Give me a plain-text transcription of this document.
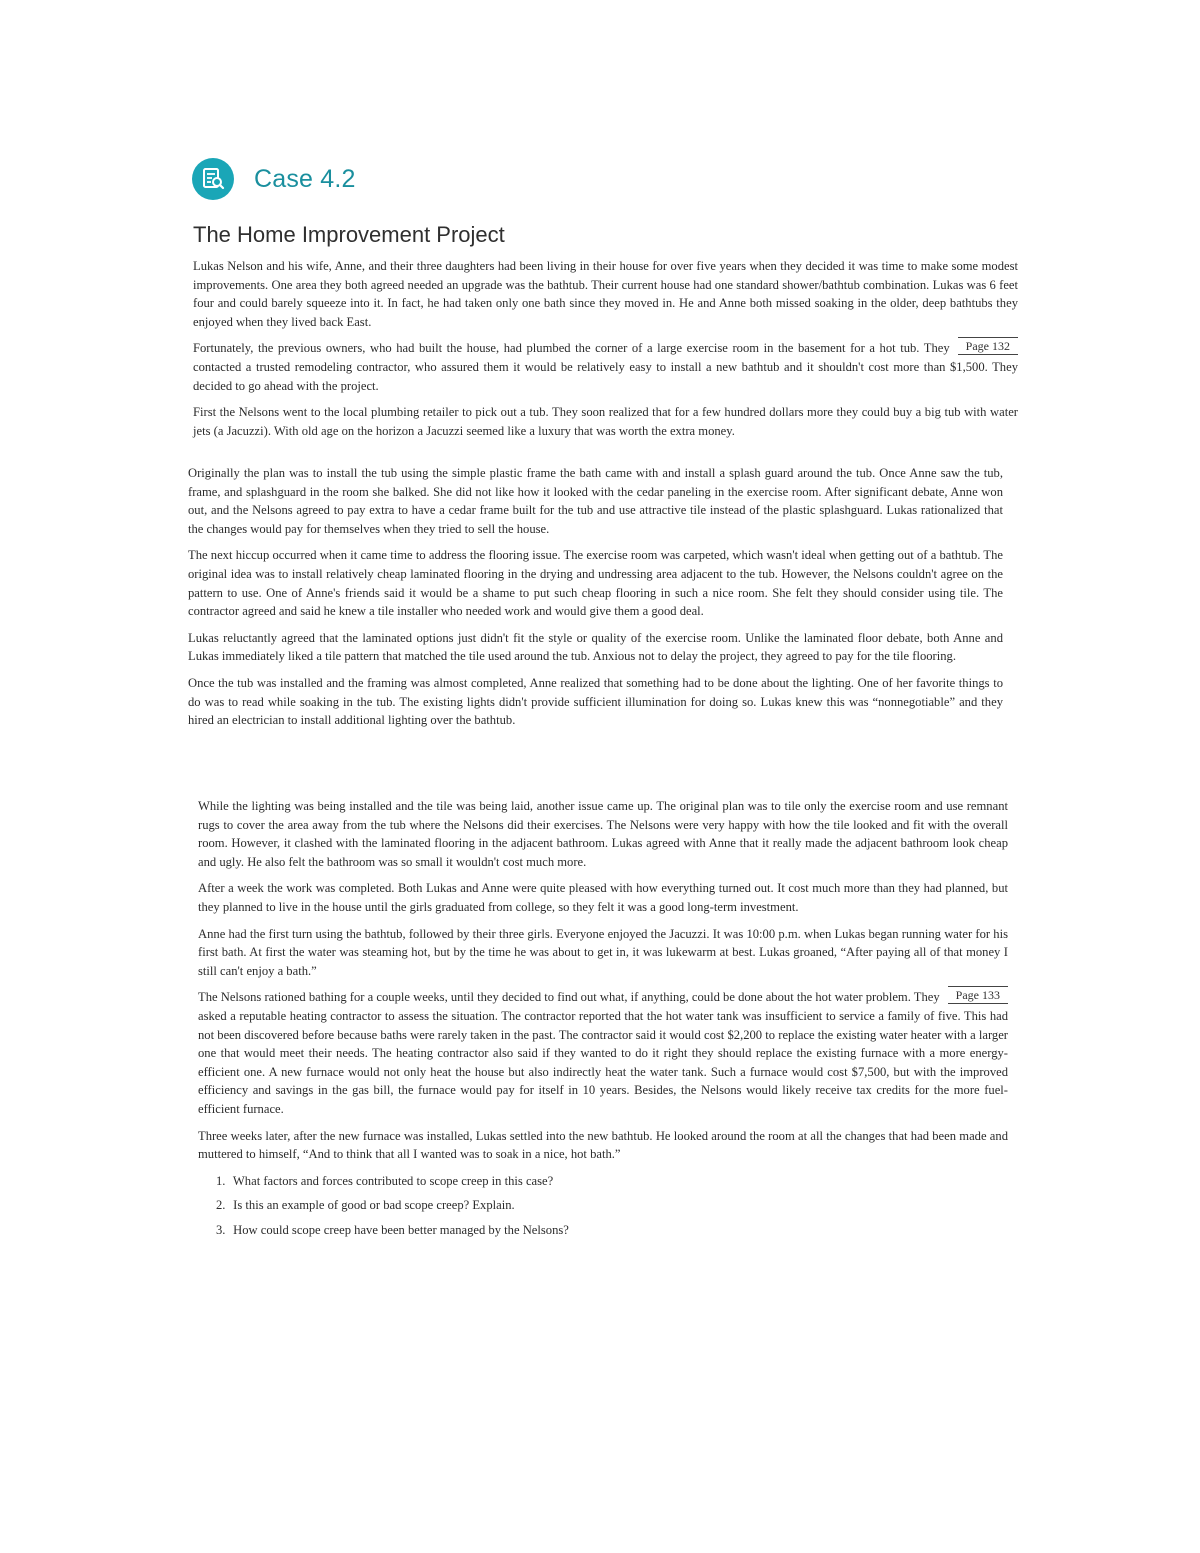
Case 4.2
The Home Improvement Project

Lukas Nelson and his wife, Anne, and their three daughters had been living in their house for over five years when they decided it was time to make some modest improvements. One area they both agreed needed an upgrade was the bathtub. Their current house had one standard shower/bathtub combination. Lukas was 6 feet four and could barely squeeze into it. In fact, he had taken only one bath since they moved in. He and Anne both missed soaking in the older, deep bathtubs they enjoyed when they lived back East.

Page 132
Fortunately, the previous owners, who had built the house, had plumbed the corner of a large exercise room in the basement for a hot tub. They contacted a trusted remodeling contractor, who assured them it would be relatively easy to install a new bathtub and it shouldn't cost more than $1,500. They decided to go ahead with the project.

First the Nelsons went to the local plumbing retailer to pick out a tub. They soon realized that for a few hundred dollars more they could buy a big tub with water jets (a Jacuzzi). With old age on the horizon a Jacuzzi seemed like a luxury that was worth the extra money.

Originally the plan was to install the tub using the simple plastic frame the bath came with and install a splash guard around the tub. Once Anne saw the tub, frame, and splashguard in the room she balked. She did not like how it looked with the cedar paneling in the exercise room. After significant debate, Anne won out, and the Nelsons agreed to pay extra to have a cedar frame built for the tub and use attractive tile instead of the plastic splashguard. Lukas rationalized that the changes would pay for themselves when they tried to sell the house.

The next hiccup occurred when it came time to address the flooring issue. The exercise room was carpeted, which wasn't ideal when getting out of a bathtub. The original idea was to install relatively cheap laminated flooring in the drying and undressing area adjacent to the tub. However, the Nelsons couldn't agree on the pattern to use. One of Anne's friends said it would be a shame to put such cheap flooring in such a nice room. She felt they should consider using tile. The contractor agreed and said he knew a tile installer who needed work and would give them a good deal.

Lukas reluctantly agreed that the laminated options just didn't fit the style or quality of the exercise room. Unlike the laminated floor debate, both Anne and Lukas immediately liked a tile pattern that matched the tile used around the tub. Anxious not to delay the project, they agreed to pay for the tile flooring.

Once the tub was installed and the framing was almost completed, Anne realized that something had to be done about the lighting. One of her favorite things to do was to read while soaking in the tub. The existing lights didn't provide sufficient illumination for doing so. Lukas knew this was “nonnegotiable” and they hired an electrician to install additional lighting over the bathtub.

While the lighting was being installed and the tile was being laid, another issue came up. The original plan was to tile only the exercise room and use remnant rugs to cover the area away from the tub where the Nelsons did their exercises. The Nelsons were very happy with how the tile looked and fit with the overall room. However, it clashed with the laminated flooring in the adjacent bathroom. Lukas agreed with Anne that it really made the adjacent bathroom look cheap and ugly. He also felt the bathroom was so small it wouldn't cost much more.

After a week the work was completed. Both Lukas and Anne were quite pleased with how everything turned out. It cost much more than they had planned, but they planned to live in the house until the girls graduated from college, so they felt it was a good long-term investment.

Anne had the first turn using the bathtub, followed by their three girls. Everyone enjoyed the Jacuzzi. It was 10:00 p.m. when Lukas began running water for his first bath. At first the water was steaming hot, but by the time he was about to get in, it was lukewarm at best. Lukas groaned, “After paying all of that money I still can't enjoy a bath.”

Page 133
The Nelsons rationed bathing for a couple weeks, until they decided to find out what, if anything, could be done about the hot water problem. They asked a reputable heating contractor to assess the situation. The contractor reported that the hot water tank was insufficient to service a family of five. This had not been discovered before because baths were rarely taken in the past. The contractor said it would cost $2,200 to replace the existing water heater with a larger one that would meet their needs. The heating contractor also said if they wanted to do it right they should replace the existing furnace with a more energy-efficient one. A new furnace would not only heat the house but also indirectly heat the water tank. Such a furnace would cost $7,500, but with the improved efficiency and savings in the gas bill, the furnace would pay for itself in 10 years. Besides, the Nelsons would likely receive tax credits for the more fuel-efficient furnace.

Three weeks later, after the new furnace was installed, Lukas settled into the new bathtub. He looked around the room at all the changes that had been made and muttered to himself, “And to think that all I wanted was to soak in a nice, hot bath.”

1. What factors and forces contributed to scope creep in this case?
2. Is this an example of good or bad scope creep? Explain.
3. How could scope creep have been better managed by the Nelsons?
